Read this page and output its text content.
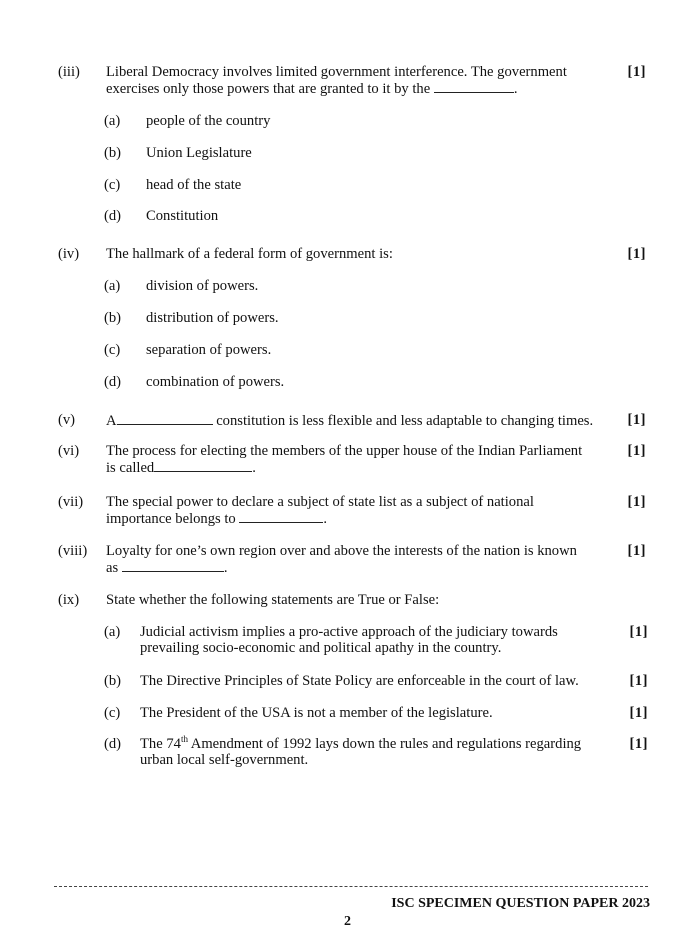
(iii) Liberal Democracy involves limited government interference. The government
exercises only those powers that are granted to it by the	.
[1]
(a) people of the country
(b) Union Legislature
(c) head of the state
(d) Constitution
(iv) The hallmark of a federal form of government is:	[1]
(a) division of powers.
(b) distribution of powers.
(c) separation of powers.
(d) combination of powers.
(v) A	constitution is less flexible and less adaptable to changing times.	[1]
(vi) The process for electing the members of the upper house of the Indian Parliament
is called	.
[1]
(vii) The special power to declare a subject of state list as a subject of national
importance belongs to	.
[1]
(viii) Loyalty for one’s own region over and above the interests of the nation is known
as	.
[1]
(ix) State whether the following statements are True or False:
(a) Judicial activism implies a pro-active approach of the judiciary towards
prevailing socio-economic and political apathy in the country.
[1]
(b) The Directive Principles of State Policy are enforceable in the court of law.	[1]
(c) The President of the USA is not a member of the legislature.	[1]
(d) The 74th Amendment of 1992 lays down the rules and regulations regarding
urban local self-government.
[1]
ISC SPECIMEN QUESTION PAPER 2023
2
